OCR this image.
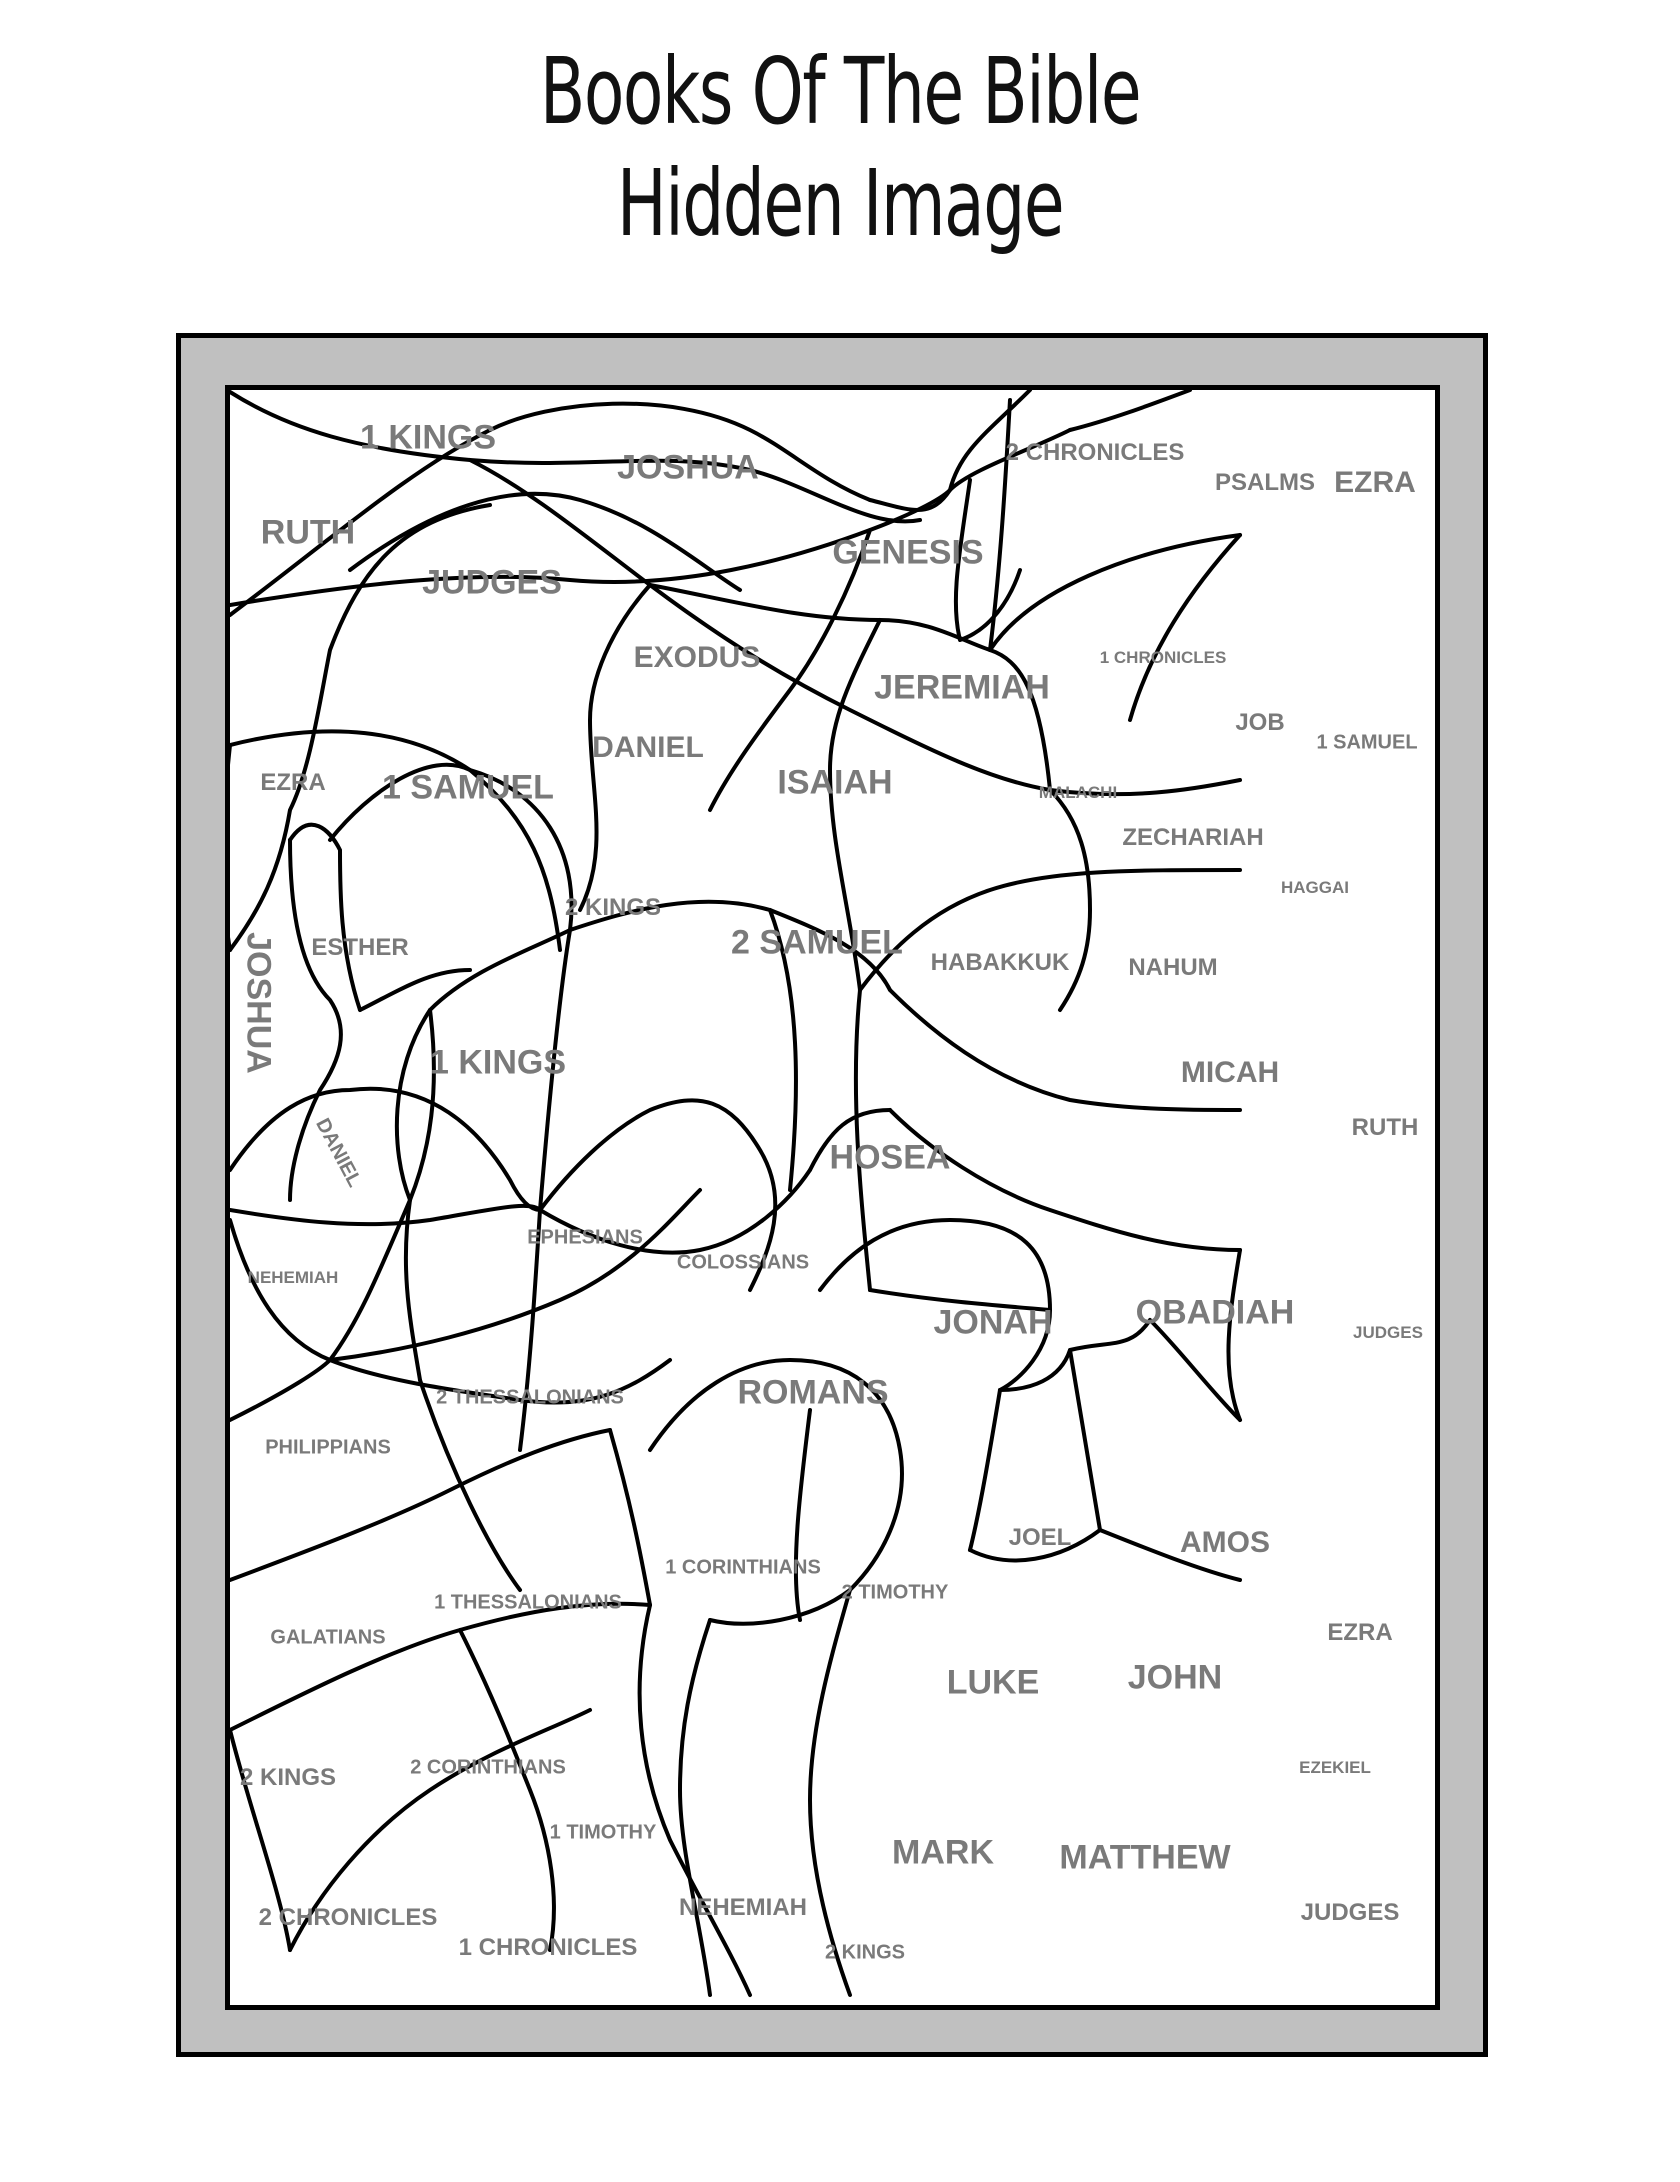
Books Of The Bible
Hidden Image
1 KINGS
JOSHUA	2 CHRONICLES
PSALMS EZRA
RUTH
GENESIS
JUDGES
EXODUS	1 CHRONICLES
JEREMIAH
JOB
1 SAMUEL
DANIEL
EZRA 1 SAMUEL	ISAIAH	MALACHI
ZECHARIAH
HAGGAI
2 KINGS
ESTHER	2 SAMUEL
HABAKKUK NAHUM
JOSHUA	1 KINGS	MICAH
DANIEL	HOSEA
RUTH
EPHESIANS
COLOSSIANS
NEHEMIAH
JONAH OBADIAH
JUDGES
2 THESSALONIANS	ROMANS
PHILIPPIANS
JOEL	AMOS
1 CORINTHIANS
1 THESSALONIANS	2 TIMOTHY
GALATIANS	EZRA
LUKE	JOHN
2 KINGS	2 CORINTHIANS	EZEKIEL
1 TIMOTHY
MARK MATTHEW
NEHEMIAH	JUDGES
2 CHRONICLES
1 CHRONICLES	2 KINGS
